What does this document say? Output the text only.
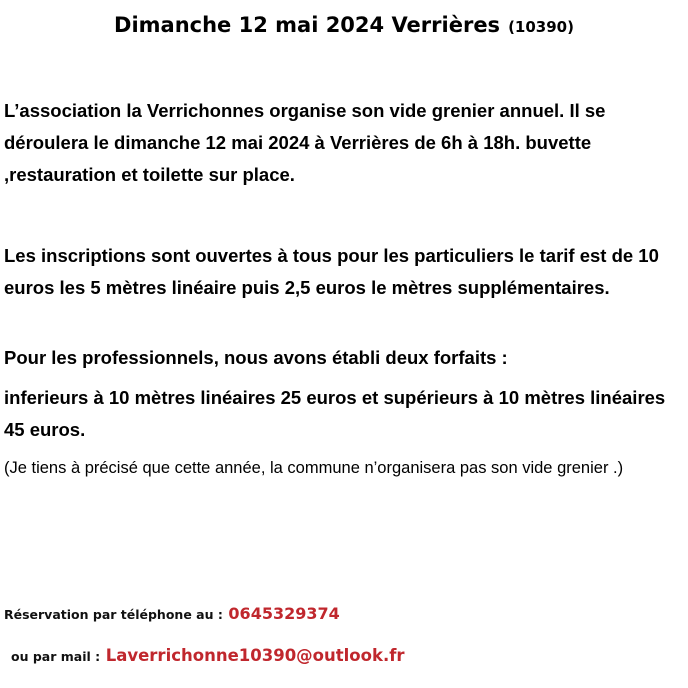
Dimanche 12 mai 2024 Verrières (10390)

L’association la Verrichonnes organise son vide grenier annuel. Il se déroulera le dimanche 12 mai 2024 à Verrières de 6h à 18h. buvette ,restauration et toilette sur place.

Les inscriptions sont ouvertes à tous pour les particuliers le tarif est de 10 euros les 5 mètres linéaire puis 2,5 euros le mètres supplémentaires.

Pour les professionnels, nous avons établi deux forfaits :

inferieurs à 10 mètres linéaires 25 euros et supérieurs à 10 mètres linéaires 45 euros.

(Je tiens à précisé que cette année, la commune n’organisera pas son vide grenier .)

Réservation par téléphone au : 0645329374
ou par mail : Laverrichonne10390@outlook.fr
